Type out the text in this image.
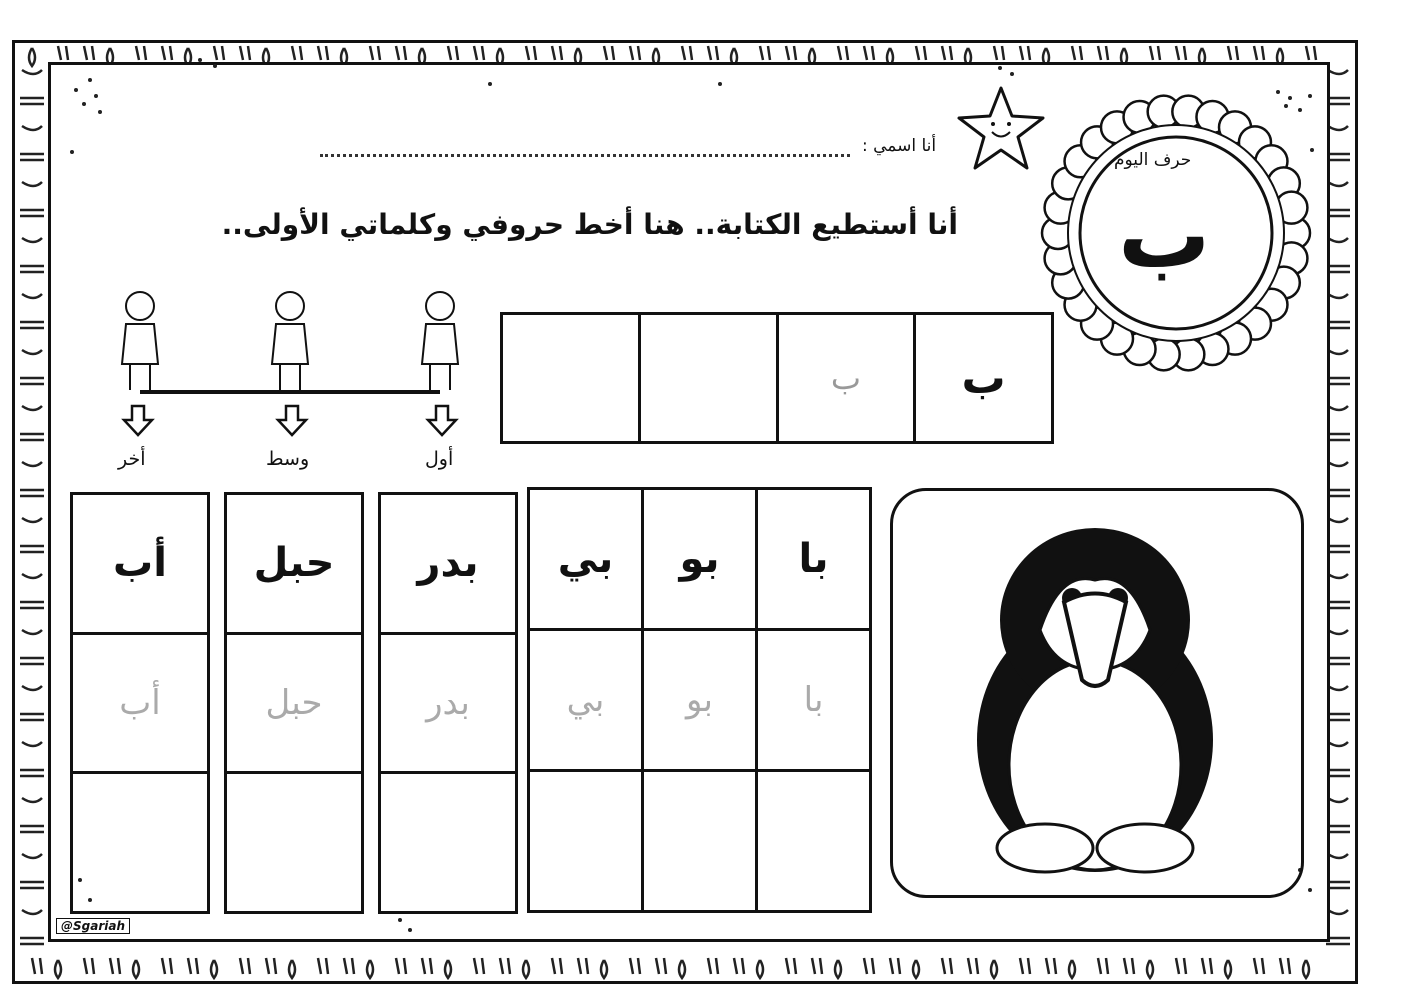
أنا اسمي :
أنا أستطيع الكتابة.. هنا أخط حروفي وكلماتي الأولى..
حرف اليوم
ب
ب
ب
أول
وسط
أخر
با
با
بو
بو
بي
بي
بدر
بدر
حبل
حبل
أب
أب
@Sgariah
